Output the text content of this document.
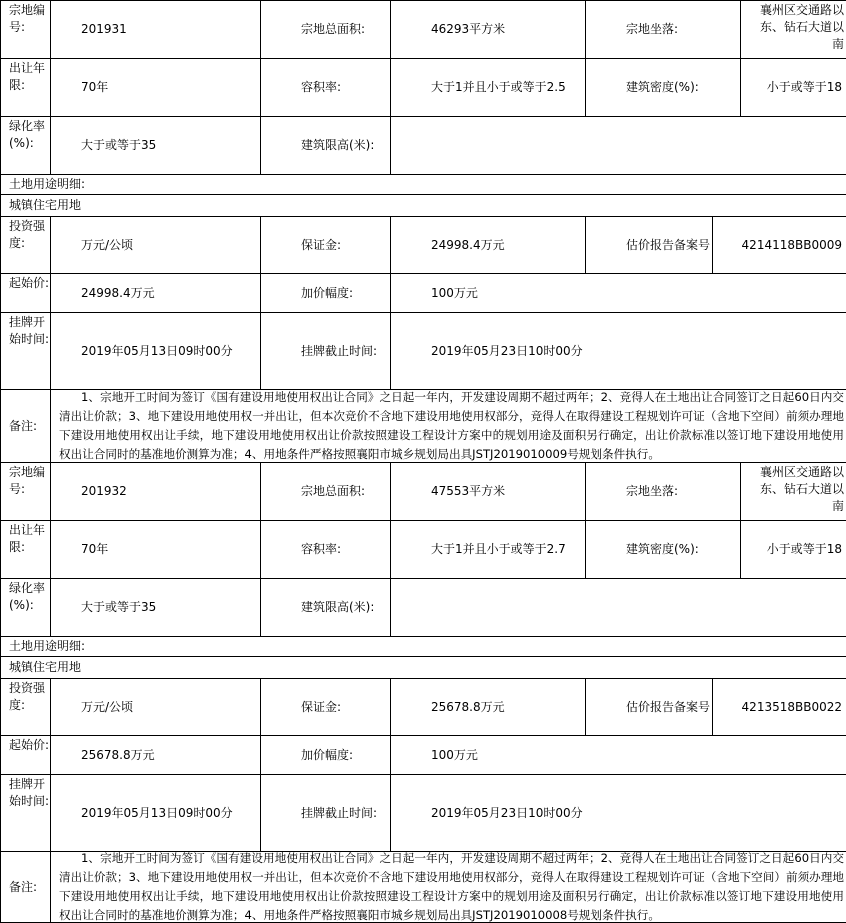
宗地编号:	201931	宗地总面积:	46293平方米	宗地坐落:
襄州区交通路以东、钻石大道以南
出让年限:	70年	容积率:	大于1并且小于或等于2.5	建筑密度(%):	小于或等于18
绿化率(%):	大于或等于35	建筑限高(米):
土地用途明细:
城镇住宅用地
投资强度:	万元/公顷	保证金:	24998.4万元	估价报告备案号	4214118BB0009
起始价:
24998.4万元	加价幅度:	100万元
挂牌开始时间:
2019年05月13日09时00分	挂牌截止时间:	2019年05月23日10时00分
备注:
1、宗地开工时间为签订《国有建设用地使用权出让合同》之日起一年内，开发建设周期不超过两年；2、竞得人在土地出让合同签订之日起60日内交清出让价款；3、地下建设用地使用权一并出让，但本次竞价不含地下建设用地使用权部分，竞得人在取得建设工程规划许可证（含地下空间）前须办理地下建设用地使用权出让手续，地下建设用地使用权出让价款按照建设工程设计方案中的规划用途及面积另行确定，出让价款标准以签订地下建设用地使用权出让合同时的基准地价测算为准；4、用地条件严格按照襄阳市城乡规划局出具JSTJ2019010009号规划条件执行。
宗地编号:	201932	宗地总面积:	47553平方米	宗地坐落:
襄州区交通路以东、钻石大道以南
出让年限:	70年	容积率:	大于1并且小于或等于2.7	建筑密度(%):	小于或等于18
绿化率(%):	大于或等于35	建筑限高(米):
土地用途明细:
城镇住宅用地
投资强度:	万元/公顷	保证金:	25678.8万元	估价报告备案号	4213518BB0022
起始价:
25678.8万元	加价幅度:	100万元
挂牌开始时间:
2019年05月13日09时00分	挂牌截止时间:	2019年05月23日10时00分
备注:
1、宗地开工时间为签订《国有建设用地使用权出让合同》之日起一年内，开发建设周期不超过两年；2、竞得人在土地出让合同签订之日起60日内交清出让价款；3、地下建设用地使用权一并出让，但本次竞价不含地下建设用地使用权部分，竞得人在取得建设工程规划许可证（含地下空间）前须办理地下建设用地使用权出让手续，地下建设用地使用权出让价款按照建设工程设计方案中的规划用途及面积另行确定，出让价款标准以签订地下建设用地使用权出让合同时的基准地价测算为准；4、用地条件严格按照襄阳市城乡规划局出具JSTJ2019010008号规划条件执行。
